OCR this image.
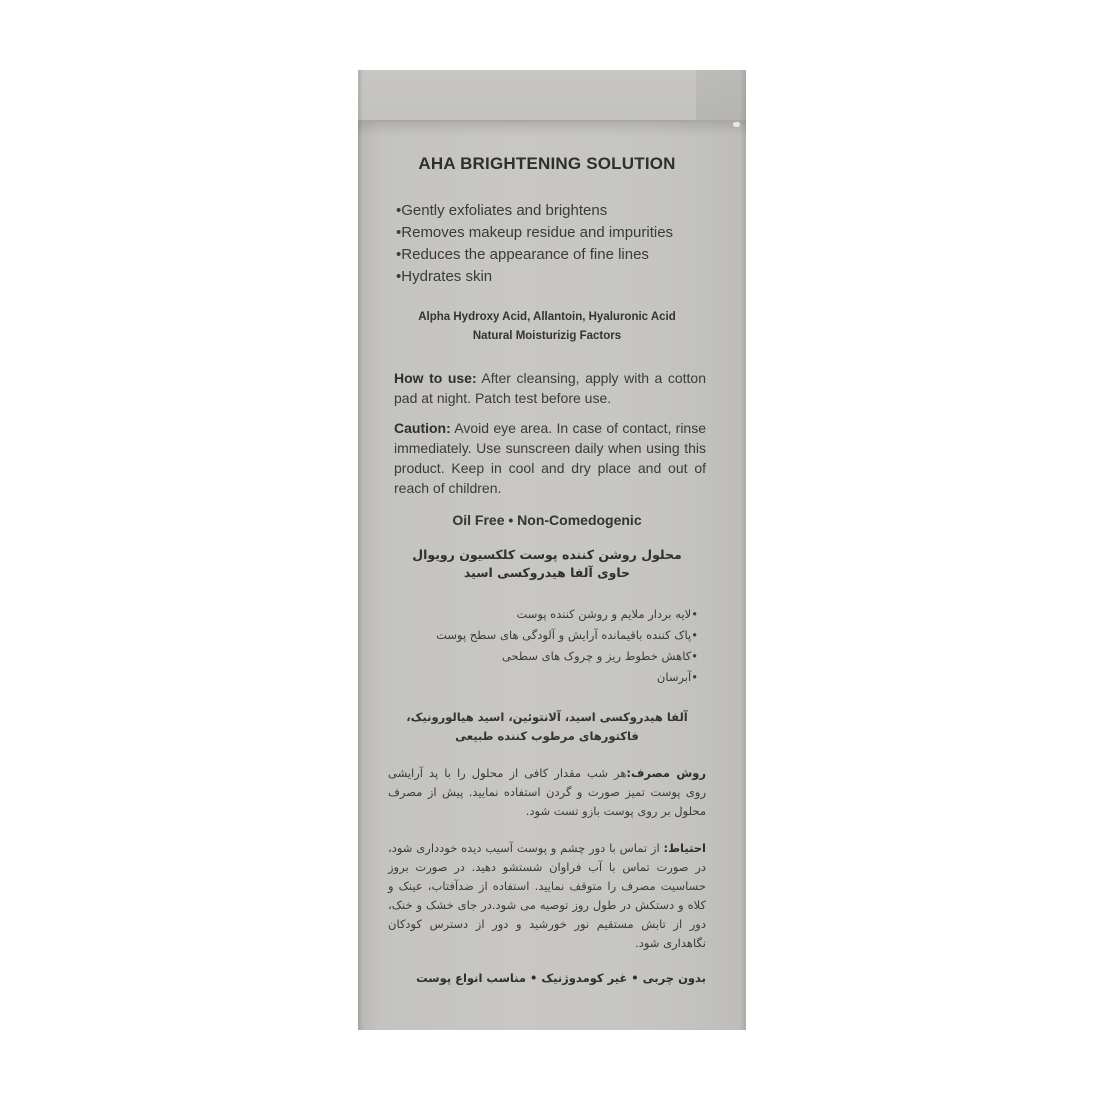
AHA BRIGHTENING SOLUTION
• Gently exfoliates and brightens
• Removes makeup residue and impurities
• Reduces the appearance of fine lines
• Hydrates skin
Alpha Hydroxy Acid, Allantoin, Hyaluronic Acid
Natural Moisturizig Factors

How to use: After cleansing, apply with a cotton pad at night. Patch test before use.

Caution: Avoid eye area. In case of contact, rinse immediately. Use sunscreen daily when using this product. Keep in cool and dry place and out of reach of children.

Oil Free • Non-Comedogenic
محلول روشن کننده پوست کلکسیون رویوال
حاوی آلفا هیدروکسی اسید
• لایه بردار ملایم و روشن کننده پوست
• پاک کننده باقیمانده آرایش و آلودگی های سطح پوست
• کاهش خطوط ریز و چروک های سطحی
• آبرسان
آلفا هیدروکسی اسید، آلانتوئین، اسید هیالورونیک،
فاکتورهای مرطوب کننده طبیعی

روش مصرف:هر شب مقدار کافی از محلول را با پد آرایشی روی پوست تمیز صورت و گردن استفاده نمایید. پیش از مصرف محلول بر روی پوست بازو تست شود.

احتیاط: از تماس با دور چشم و پوست آسیب دیده خودداری شود، در صورت تماس با آب فراوان شستشو دهید. در صورت بروز حساسیت مصرف را متوقف نمایید. استفاده از ضدآفتاب، عینک و کلاه و دستکش در طول روز توصیه می شود.در جای خشک و خنک، دور از تابش مستقیم نور خورشید و دور از دسترس کودکان نگاهداری شود.

بدون چربی • غیر کومدوژنیک • مناسب انواع پوست
